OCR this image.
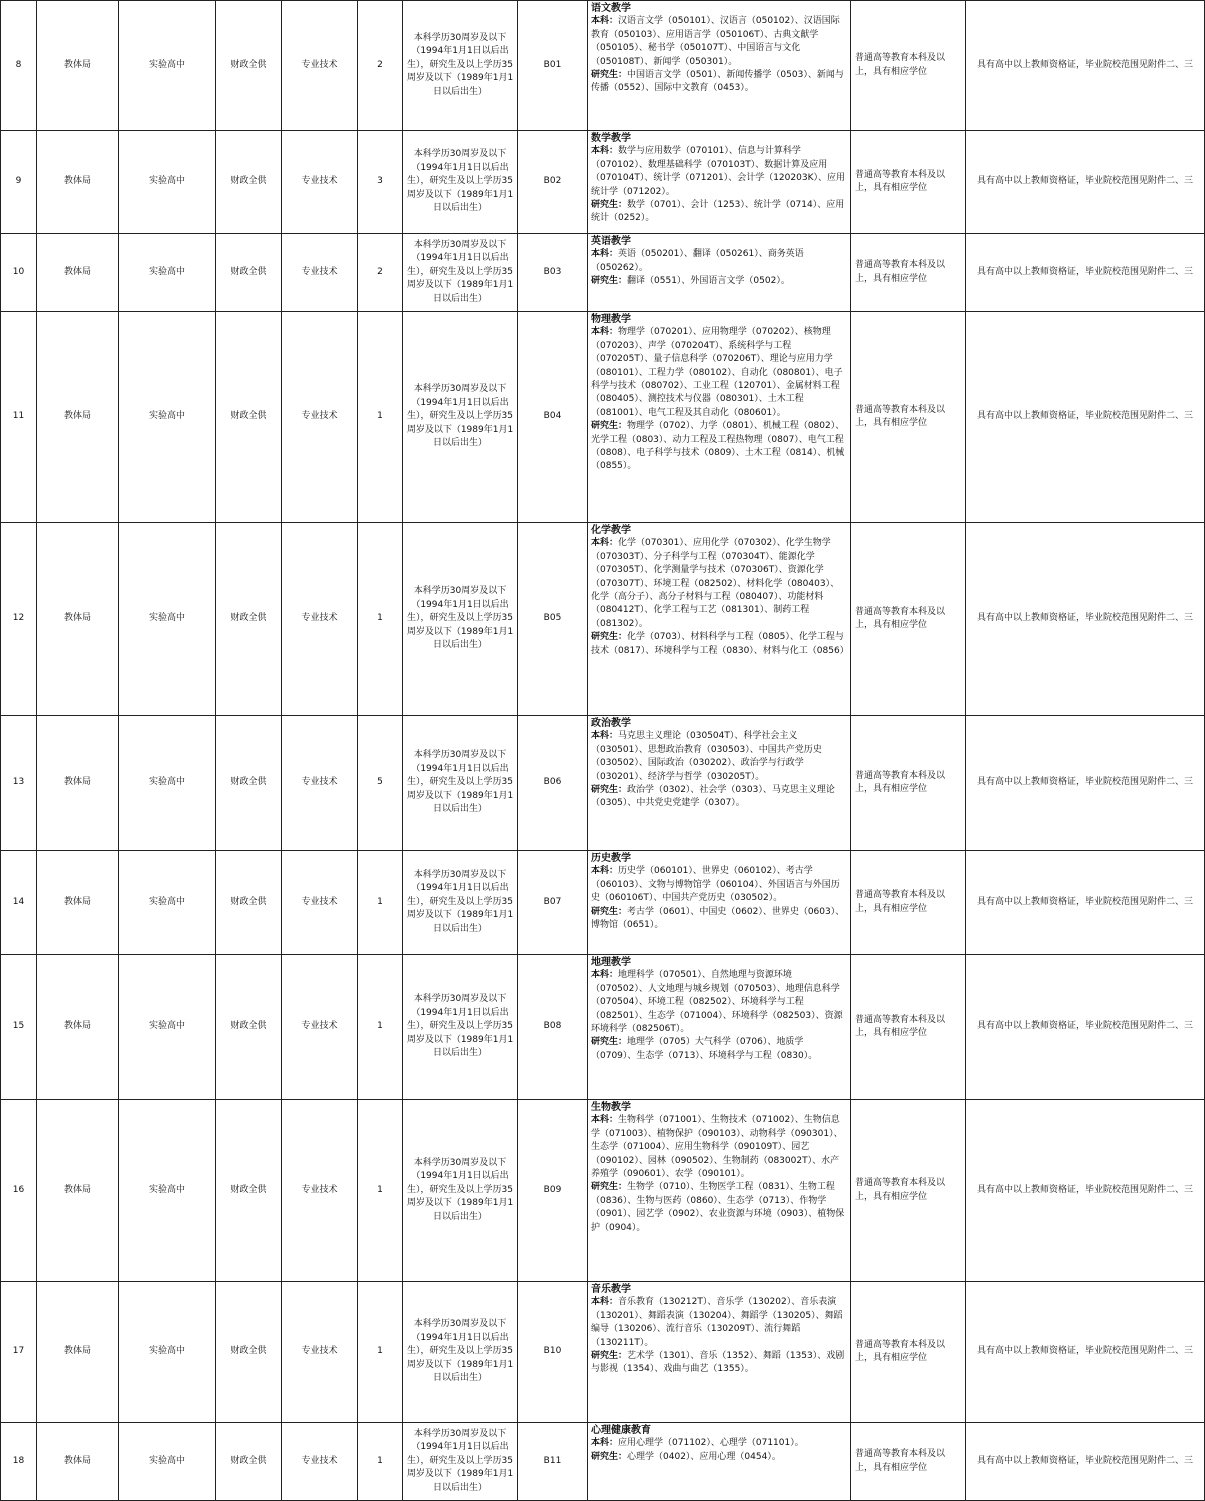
8	教体局	实验高中	财政全供	专业技术	2	本科学历30周岁及以下（1994年1月1日以后出生），研究生及以上学历35周岁及以下（1989年1月1日以后出生）	B01	语文教学
本科：汉语言文学（050101）、汉语言（050102）、汉语国际教育（050103）、应用语言学（050106T）、古典文献学（050105）、秘书学（050107T）、中国语言与文化（050108T）、新闻学（050301）。
研究生：中国语言文学（0501）、新闻传播学（0503）、新闻与传播（0552）、国际中文教育（0453）。	普通高等教育本科及以上，具有相应学位	具有高中以上教师资格证，毕业院校范围见附件二、三
9	教体局	实验高中	财政全供	专业技术	3	本科学历30周岁及以下（1994年1月1日以后出生），研究生及以上学历35周岁及以下（1989年1月1日以后出生）	B02	数学教学
本科：数学与应用数学（070101）、信息与计算科学（070102）、数理基础科学（070103T）、数据计算及应用（070104T）、统计学（071201）、会计学（120203K）、应用统计学（071202）。
研究生：数学（0701）、会计（1253）、统计学（0714）、应用统计（0252）。	普通高等教育本科及以上，具有相应学位	具有高中以上教师资格证，毕业院校范围见附件二、三
10	教体局	实验高中	财政全供	专业技术	2	本科学历30周岁及以下（1994年1月1日以后出生），研究生及以上学历35周岁及以下（1989年1月1日以后出生）	B03	英语教学
本科：英语（050201）、翻译（050261）、商务英语（050262）。
研究生：翻译（0551）、外国语言文学（0502）。	普通高等教育本科及以上，具有相应学位	具有高中以上教师资格证，毕业院校范围见附件二、三
11	教体局	实验高中	财政全供	专业技术	1	本科学历30周岁及以下（1994年1月1日以后出生），研究生及以上学历35周岁及以下（1989年1月1日以后出生）	B04	物理教学
本科：物理学（070201）、应用物理学（070202）、核物理（070203）、声学（070204T）、系统科学与工程（070205T）、量子信息科学（070206T）、理论与应用力学（080101）、工程力学（080102）、自动化（080801）、电子科学与技术（080702）、工业工程（120701）、金属材料工程（080405）、测控技术与仪器（080301）、土木工程（081001）、电气工程及其自动化（080601）。
研究生：物理学（0702）、力学（0801）、机械工程（0802）、光学工程（0803）、动力工程及工程热物理（0807）、电气工程（0808）、电子科学与技术（0809）、土木工程（0814）、机械（0855）。	普通高等教育本科及以上，具有相应学位	具有高中以上教师资格证，毕业院校范围见附件二、三
12	教体局	实验高中	财政全供	专业技术	1	本科学历30周岁及以下（1994年1月1日以后出生），研究生及以上学历35周岁及以下（1989年1月1日以后出生）	B05	化学教学
本科：化学（070301）、应用化学（070302）、化学生物学（070303T）、分子科学与工程（070304T）、能源化学（070305T）、化学测量学与技术（070306T）、资源化学（070307T）、环境工程（082502）、材料化学（080403）、化学（高分子）、高分子材料与工程（080407）、功能材料（080412T）、化学工程与工艺（081301）、制药工程（081302）。
研究生：化学（0703）、材料科学与工程（0805）、化学工程与技术（0817）、环境科学与工程（0830）、材料与化工（0856）	普通高等教育本科及以上，具有相应学位	具有高中以上教师资格证，毕业院校范围见附件二、三
13	教体局	实验高中	财政全供	专业技术	5	本科学历30周岁及以下（1994年1月1日以后出生），研究生及以上学历35周岁及以下（1989年1月1日以后出生）	B06	政治教学
本科：马克思主义理论（030504T）、科学社会主义（030501）、思想政治教育（030503）、中国共产党历史（030502）、国际政治（030202）、政治学与行政学（030201）、经济学与哲学（030205T）。
研究生：政治学（0302）、社会学（0303）、马克思主义理论（0305）、中共党史党建学（0307）。	普通高等教育本科及以上，具有相应学位	具有高中以上教师资格证，毕业院校范围见附件二、三
14	教体局	实验高中	财政全供	专业技术	1	本科学历30周岁及以下（1994年1月1日以后出生），研究生及以上学历35周岁及以下（1989年1月1日以后出生）	B07	历史教学
本科：历史学（060101）、世界史（060102）、考古学（060103）、文物与博物馆学（060104）、外国语言与外国历史（060106T）、中国共产党历史（030502）。
研究生：考古学（0601）、中国史（0602）、世界史（0603）、博物馆（0651）。	普通高等教育本科及以上，具有相应学位	具有高中以上教师资格证，毕业院校范围见附件二、三
15	教体局	实验高中	财政全供	专业技术	1	本科学历30周岁及以下（1994年1月1日以后出生），研究生及以上学历35周岁及以下（1989年1月1日以后出生）	B08	地理教学
本科：地理科学（070501）、自然地理与资源环境（070502）、人文地理与城乡规划（070503）、地理信息科学（070504）、环境工程（082502）、环境科学与工程（082501）、生态学（071004）、环境科学（082503）、资源环境科学（082506T）。
研究生：地理学（0705）大气科学（0706）、地质学（0709）、生态学（0713）、环境科学与工程（0830）。	普通高等教育本科及以上，具有相应学位	具有高中以上教师资格证，毕业院校范围见附件二、三
16	教体局	实验高中	财政全供	专业技术	1	本科学历30周岁及以下（1994年1月1日以后出生），研究生及以上学历35周岁及以下（1989年1月1日以后出生）	B09	生物教学
本科：生物科学（071001）、生物技术（071002）、生物信息学（071003）、植物保护（090103）、动物科学（090301）、生态学（071004）、应用生物科学（090109T）、园艺（090102）、园林（090502）、生物制药（083002T）、水产养殖学（090601）、农学（090101）。
研究生：生物学（0710）、生物医学工程（0831）、生物工程（0836）、生物与医药（0860）、生态学（0713）、作物学（0901）、园艺学（0902）、农业资源与环境（0903）、植物保护（0904）。	普通高等教育本科及以上，具有相应学位	具有高中以上教师资格证，毕业院校范围见附件二、三
17	教体局	实验高中	财政全供	专业技术	1	本科学历30周岁及以下（1994年1月1日以后出生），研究生及以上学历35周岁及以下（1989年1月1日以后出生）	B10	音乐教学
本科：音乐教育（130212T）、音乐学（130202）、音乐表演（130201）、舞蹈表演（130204）、舞蹈学（130205）、舞蹈编导（130206）、流行音乐（130209T）、流行舞蹈（130211T）。
研究生：艺术学（1301）、音乐（1352）、舞蹈（1353）、戏剧与影视（1354）、戏曲与曲艺（1355）。	普通高等教育本科及以上，具有相应学位	具有高中以上教师资格证，毕业院校范围见附件二、三
18	教体局	实验高中	财政全供	专业技术	1	本科学历30周岁及以下（1994年1月1日以后出生），研究生及以上学历35周岁及以下（1989年1月1日以后出生）	B11	心理健康教育
本科：应用心理学（071102）、心理学（071101）。
研究生：心理学（0402）、应用心理（0454）。	普通高等教育本科及以上，具有相应学位	具有高中以上教师资格证，毕业院校范围见附件二、三
